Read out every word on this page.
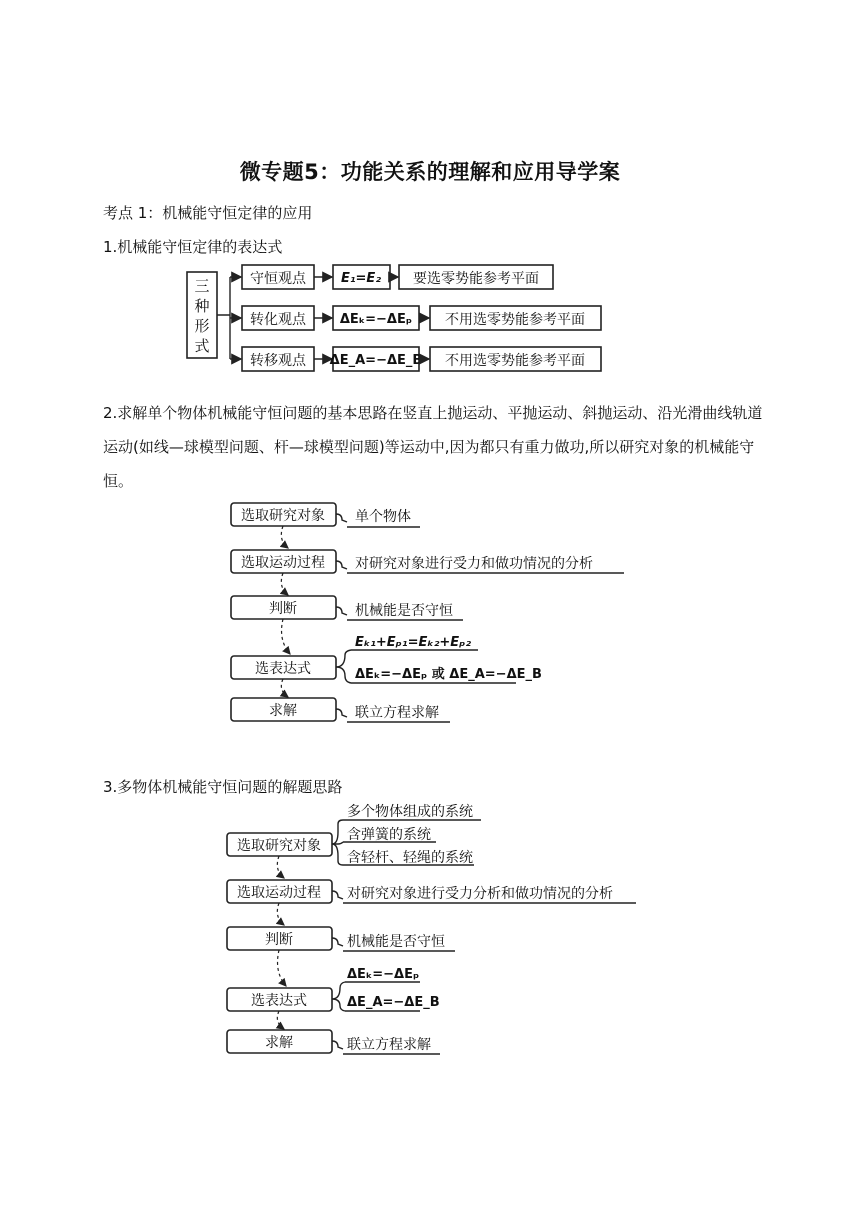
微专题5：功能关系的理解和应用导学案
考点 1：机械能守恒定律的应用
1.机械能守恒定律的表达式
三
种
形
式
守恒观点	E₁=E₂ 要选零势能参考平面
转化观点	ΔEₖ=−ΔEₚ 不用选零势能参考平面
转移观点 ΔE_A=−ΔE_B 不用选零势能参考平面
2.求解单个物体机械能守恒问题的基本思路在竖直上抛运动、平抛运动、斜抛运动、沿光滑曲线轨道运动(如线—球模型问题、杆—球模型问题)等运动中,因为都只有重力做功,所以研究对象的机械能守恒。
选取研究对象 单个物体
选取运动过程 对研究对象进行受力和做功情况的分析
判断	机械能是否守恒
选表达式
Eₖ₁+Eₚ₁=Eₖ₂+Eₚ₂
ΔEₖ=−ΔEₚ 或 ΔE_A=−ΔE_B
求解	联立方程求解
3.多物体机械能守恒问题的解题思路
选取研究对象
多个物体组成的系统
含弹簧的系统
含轻杆、轻绳的系统
选取运动过程 对研究对象进行受力分析和做功情况的分析
判断	机械能是否守恒
选表达式
ΔEₖ=−ΔEₚ
ΔE_A=−ΔE_B
求解	联立方程求解
